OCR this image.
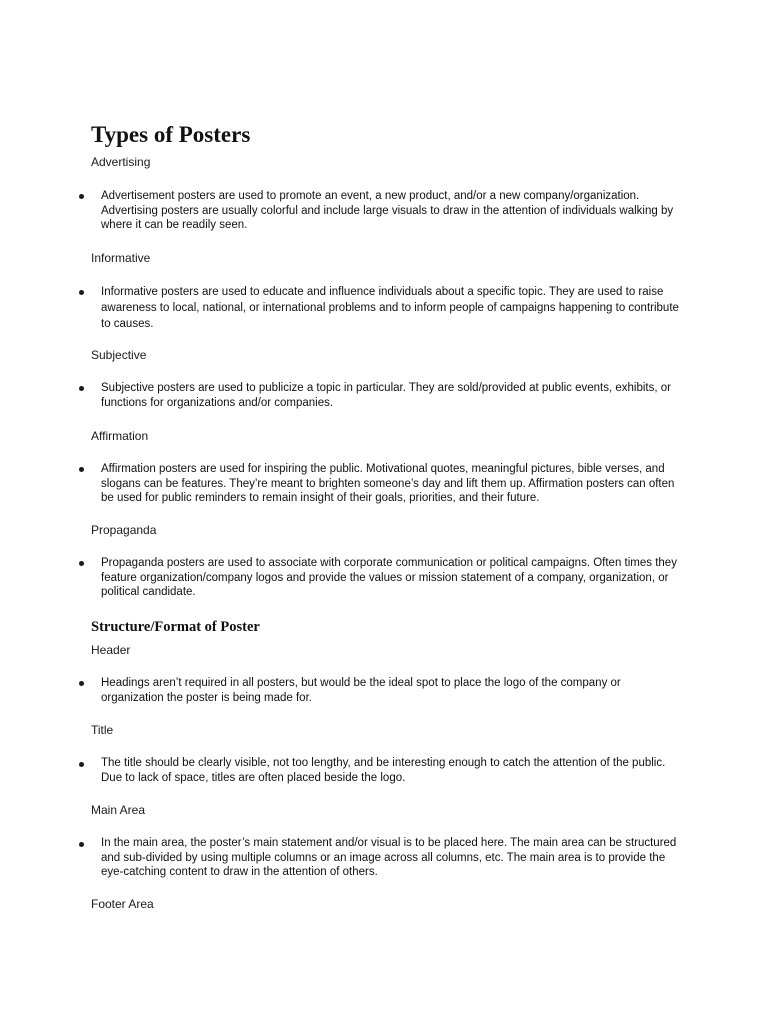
Types of Posters
Advertising
Advertisement posters are used to promote an event, a new product, and/or a new company/organization. Advertising posters are usually colorful and include large visuals to draw in the attention of individuals walking by where it can be readily seen.
Informative
Informative posters are used to educate and influence individuals about a specific topic. They are used to raise awareness to local, national, or international problems and to inform people of campaigns happening to contribute to causes.
Subjective
Subjective posters are used to publicize a topic in particular. They are sold/provided at public events, exhibits, or functions for organizations and/or companies.
Affirmation
Affirmation posters are used for inspiring the public. Motivational quotes, meaningful pictures, bible verses, and slogans can be features. They’re meant to brighten someone’s day and lift them up. Affirmation posters can often be used for public reminders to remain insight of their goals, priorities, and their future.
Propaganda
Propaganda posters are used to associate with corporate communication or political campaigns. Often times they feature organization/company logos and provide the values or mission statement of a company, organization, or political candidate.
Structure/Format of Poster
Header
Headings aren’t required in all posters, but would be the ideal spot to place the logo of the company or organization the poster is being made for.
Title
The title should be clearly visible, not too lengthy, and be interesting enough to catch the attention of the public. Due to lack of space, titles are often placed beside the logo.
Main Area
In the main area, the poster’s main statement and/or visual is to be placed here. The main area can be structured and sub-divided by using multiple columns or an image across all columns, etc. The main area is to provide the eye-catching content to draw in the attention of others.
Footer Area
